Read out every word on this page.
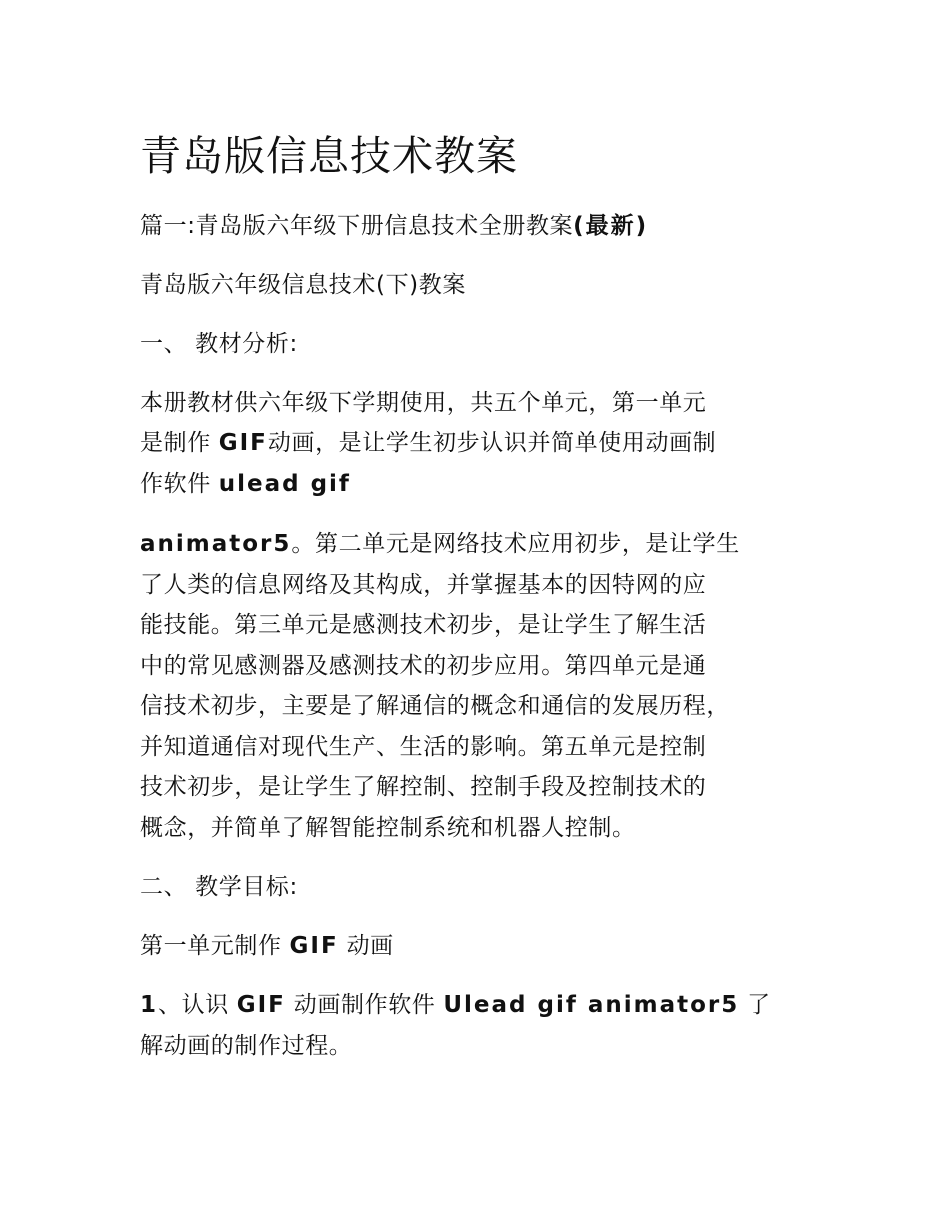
青岛版信息技术教案
篇一:青岛版六年级下册信息技术全册教案(最新)
青岛版六年级信息技术(下)教案
一、 教材分析:
本册教材供六年级下学期使用，共五个单元，第一单元
是制作 GIF动画，是让学生初步认识并简单使用动画制
作软件 ulead gif
animator5。第二单元是网络技术应用初步，是让学生
了人类的信息网络及其构成，并掌握基本的因特网的应
能技能。第三单元是感测技术初步，是让学生了解生活
中的常见感测器及感测技术的初步应用。第四单元是通
信技术初步，主要是了解通信的概念和通信的发展历程，
并知道通信对现代生产、生活的影响。第五单元是控制
技术初步，是让学生了解控制、控制手段及控制技术的
概念，并简单了解智能控制系统和机器人控制。
二、 教学目标:
第一单元制作 GIF 动画
1、认识 GIF 动画制作软件 Ulead gif animator5 了
解动画的制作过程。
